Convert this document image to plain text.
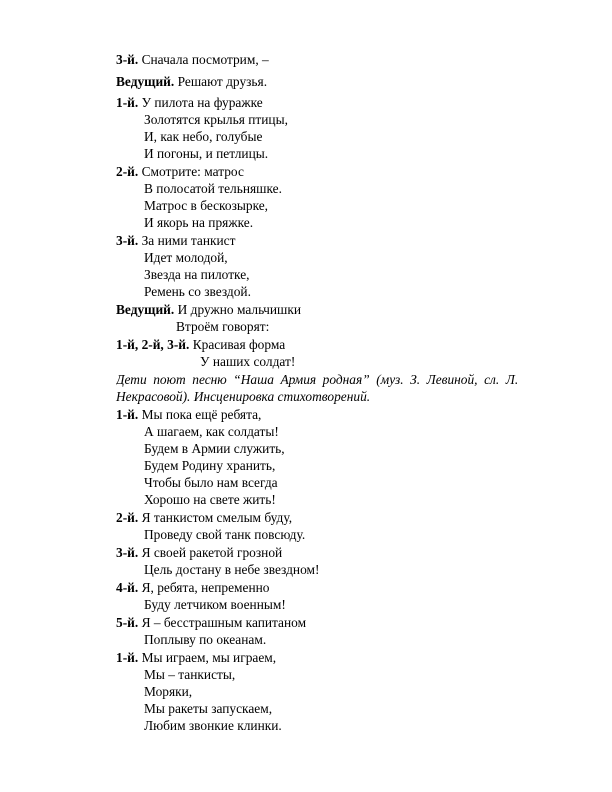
3-й. Сначала посмотрим, –
Ведущий. Решают друзья.
1-й. У пилота на фуражке
Золотятся крылья птицы,
И, как небо, голубые
И погоны, и петлицы.
2-й. Смотрите: матрос
В полосатой тельняшке.
Матрос в бескозырке,
И якорь на пряжке.
3-й. За ними танкист
Идет молодой,
Звезда на пилотке,
Ремень со звездой.
Ведущий. И дружно мальчишки
Втроём говорят:
1-й, 2-й, 3-й. Красивая форма
У наших солдат!
Дети поют песню “Наша Армия родная” (муз. З. Левиной, сл. Л.
Некрасовой). Инсценировка стихотворений.
1-й. Мы пока ещё ребята,
А шагаем, как солдаты!
Будем в Армии служить,
Будем Родину хранить,
Чтобы было нам всегда
Хорошо на свете жить!
2-й. Я танкистом смелым буду,
Проведу свой танк повсюду.
3-й. Я своей ракетой грозной
Цель достану в небе звездном!
4-й. Я, ребята, непременно
Буду летчиком военным!
5-й. Я – бесстрашным капитаном
Поплыву по океанам.
1-й. Мы играем, мы играем,
Мы – танкисты,
Моряки,
Мы ракеты запускаем,
Любим звонкие клинки.
